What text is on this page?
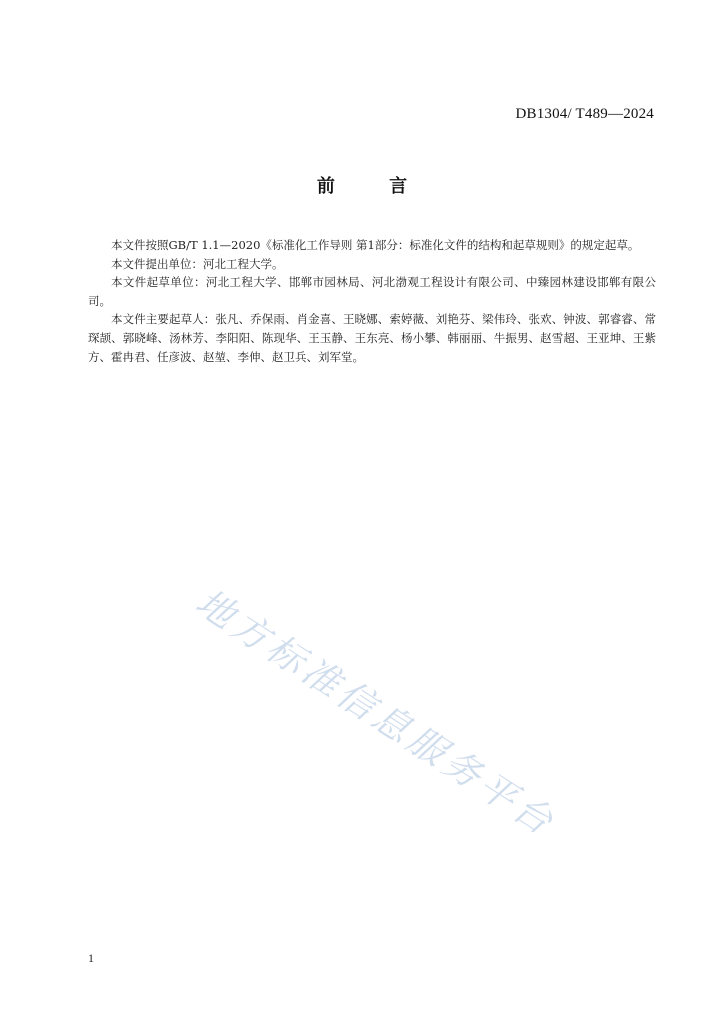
DB1304/ T489—2024
前 言

本文件按照GB/T 1.1—2020《标准化工作导则 第1部分：标准化文件的结构和起草规则》的规定起草。

本文件提出单位：河北工程大学。

本文件起草单位：河北工程大学、邯郸市园林局、河北渤观工程设计有限公司、中臻园林建设邯郸有限公司。

本文件主要起草人：张凡、乔保雨、肖金喜、王晓娜、索婷薇、刘艳芬、梁伟玲、张欢、钟波、郭睿睿、常琛颉、郭晓峰、汤林芳、李阳阳、陈现华、王玉静、王东亮、杨小攀、韩丽丽、牛振男、赵雪超、王亚坤、王紫方、霍冉君、任彦波、赵堃、李伸、赵卫兵、刘军堂。

地方标准信息服务平台
1
